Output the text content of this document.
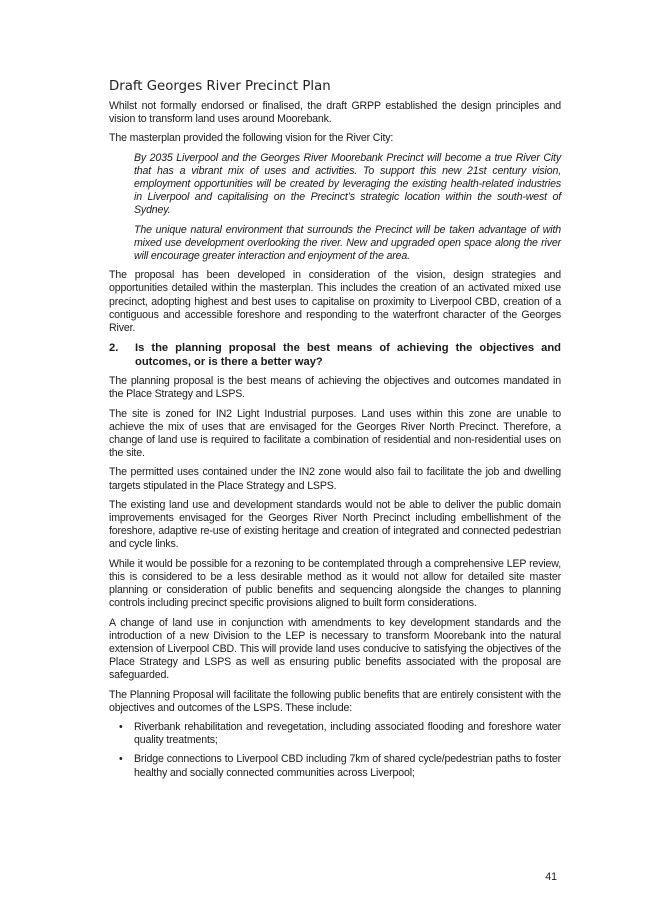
Draft Georges River Precinct Plan

Whilst not formally endorsed or finalised, the draft GRPP established the design principles and vision to transform land uses around Moorebank.

The masterplan provided the following vision for the River City:

By 2035 Liverpool and the Georges River Moorebank Precinct will become a true River City that has a vibrant mix of uses and activities. To support this new 21st century vision, employment opportunities will be created by leveraging the existing health-related industries in Liverpool and capitalising on the Precinct’s strategic location within the south-west of Sydney.

The unique natural environment that surrounds the Precinct will be taken advantage of with mixed use development overlooking the river. New and upgraded open space along the river will encourage greater interaction and enjoyment of the area.

The proposal has been developed in consideration of the vision, design strategies and opportunities detailed within the masterplan. This includes the creation of an activated mixed use precinct, adopting highest and best uses to capitalise on proximity to Liverpool CBD, creation of a contiguous and accessible foreshore and responding to the waterfront character of the Georges River.

2.	Is the planning proposal the best means of achieving the objectives and outcomes, or is there a better way?

The planning proposal is the best means of achieving the objectives and outcomes mandated in the Place Strategy and LSPS.

The site is zoned for IN2 Light Industrial purposes. Land uses within this zone are unable to achieve the mix of uses that are envisaged for the Georges River North Precinct. Therefore, a change of land use is required to facilitate a combination of residential and non-residential uses on the site.

The permitted uses contained under the IN2 zone would also fail to facilitate the job and dwelling targets stipulated in the Place Strategy and LSPS.

The existing land use and development standards would not be able to deliver the public domain improvements envisaged for the Georges River North Precinct including embellishment of the foreshore, adaptive re-use of existing heritage and creation of integrated and connected pedestrian and cycle links.

While it would be possible for a rezoning to be contemplated through a comprehensive LEP review, this is considered to be a less desirable method as it would not allow for detailed site master planning or consideration of public benefits and sequencing alongside the changes to planning controls including precinct specific provisions aligned to built form considerations.

A change of land use in conjunction with amendments to key development standards and the introduction of a new Division to the LEP is necessary to transform Moorebank into the natural extension of Liverpool CBD. This will provide land uses conducive to satisfying the objectives of the Place Strategy and LSPS as well as ensuring public benefits associated with the proposal are safeguarded.

The Planning Proposal will facilitate the following public benefits that are entirely consistent with the objectives and outcomes of the LSPS. These include:

•	Riverbank rehabilitation and revegetation, including associated flooding and foreshore water quality treatments;
•	Bridge connections to Liverpool CBD including 7km of shared cycle/pedestrian paths to foster healthy and socially connected communities across Liverpool;
41
